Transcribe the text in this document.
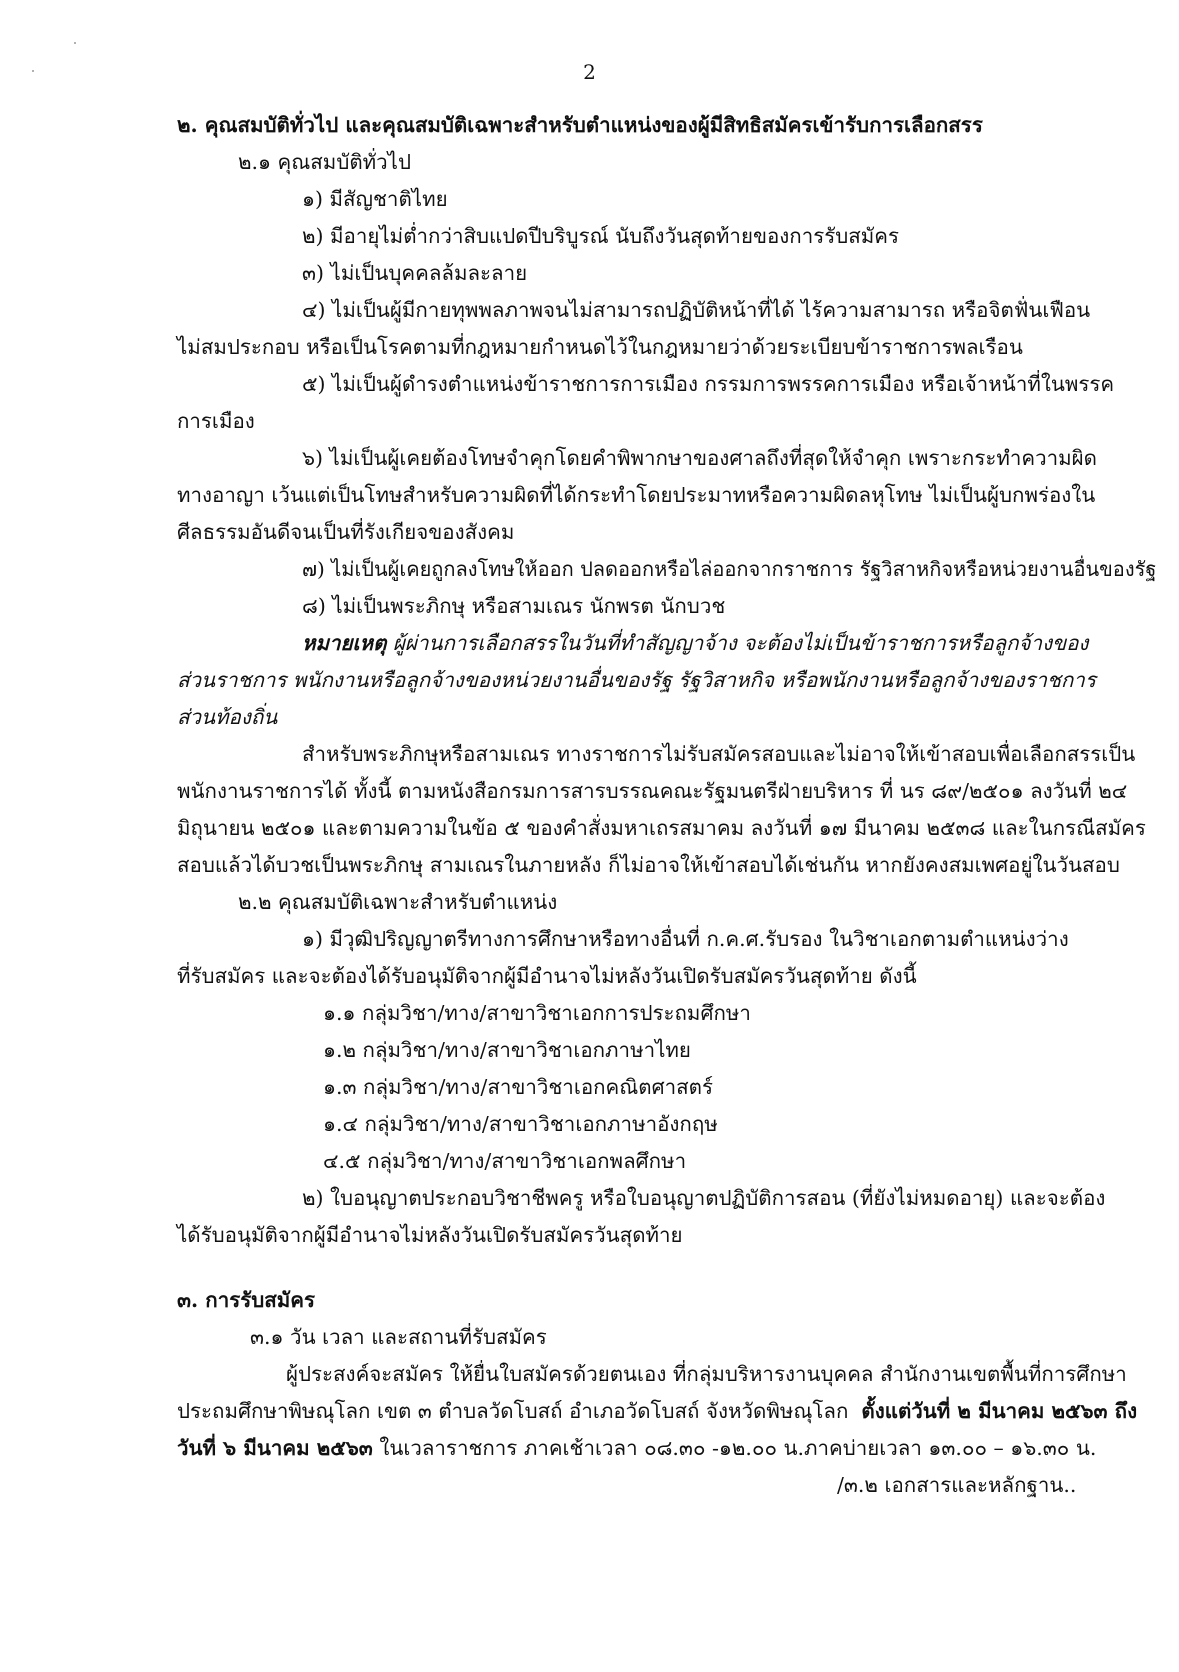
2
๒. คุณสมบัติทั่วไป และคุณสมบัติเฉพาะสำหรับตำแหน่งของผู้มีสิทธิสมัครเข้ารับการเลือกสรร
๒.๑ คุณสมบัติทั่วไป
๑) มีสัญชาติไทย
๒) มีอายุไม่ต่ำกว่าสิบแปดปีบริบูรณ์ นับถึงวันสุดท้ายของการรับสมัคร
๓) ไม่เป็นบุคคลล้มละลาย
๔) ไม่เป็นผู้มีกายทุพพลภาพจนไม่สามารถปฏิบัติหน้าที่ได้ ไร้ความสามารถ หรือจิตฟั่นเฟือน
ไม่สมประกอบ หรือเป็นโรคตามที่กฎหมายกำหนดไว้ในกฎหมายว่าด้วยระเบียบข้าราชการพลเรือน
๕) ไม่เป็นผู้ดำรงตำแหน่งข้าราชการการเมือง กรรมการพรรคการเมือง หรือเจ้าหน้าที่ในพรรค
การเมือง
๖) ไม่เป็นผู้เคยต้องโทษจำคุกโดยคำพิพากษาของศาลถึงที่สุดให้จำคุก เพราะกระทำความผิด
ทางอาญา เว้นแต่เป็นโทษสำหรับความผิดที่ได้กระทำโดยประมาทหรือความผิดลหุโทษ ไม่เป็นผู้บกพร่องใน
ศีลธรรมอันดีจนเป็นที่รังเกียจของสังคม
๗) ไม่เป็นผู้เคยถูกลงโทษให้ออก ปลดออกหรือไล่ออกจากราชการ รัฐวิสาหกิจหรือหน่วยงานอื่นของรัฐ
๘) ไม่เป็นพระภิกษุ หรือสามเณร นักพรต นักบวช
หมายเหตุ ผู้ผ่านการเลือกสรรในวันที่ทำสัญญาจ้าง จะต้องไม่เป็นข้าราชการหรือลูกจ้างของ
ส่วนราชการ พนักงานหรือลูกจ้างของหน่วยงานอื่นของรัฐ รัฐวิสาหกิจ หรือพนักงานหรือลูกจ้างของราชการ
ส่วนท้องถิ่น
สำหรับพระภิกษุหรือสามเณร ทางราชการไม่รับสมัครสอบและไม่อาจให้เข้าสอบเพื่อเลือกสรรเป็น
พนักงานราชการได้ ทั้งนี้ ตามหนังสือกรมการสารบรรณคณะรัฐมนตรีฝ่ายบริหาร ที่ นร ๘๙/๒๕๐๑ ลงวันที่ ๒๔
มิถุนายน ๒๕๐๑ และตามความในข้อ ๕ ของคำสั่งมหาเถรสมาคม ลงวันที่ ๑๗ มีนาคม ๒๕๓๘ และในกรณีสมัคร
สอบแล้วได้บวชเป็นพระภิกษุ สามเณรในภายหลัง ก็ไม่อาจให้เข้าสอบได้เช่นกัน หากยังคงสมเพศอยู่ในวันสอบ
๒.๒ คุณสมบัติเฉพาะสำหรับตำแหน่ง
๑) มีวุฒิปริญญาตรีทางการศึกษาหรือทางอื่นที่ ก.ค.ศ.รับรอง ในวิชาเอกตามตำแหน่งว่าง
ที่รับสมัคร และจะต้องได้รับอนุมัติจากผู้มีอำนาจไม่หลังวันเปิดรับสมัครวันสุดท้าย ดังนี้
๑.๑ กลุ่มวิชา/ทาง/สาขาวิชาเอกการประถมศึกษา
๑.๒ กลุ่มวิชา/ทาง/สาขาวิชาเอกภาษาไทย
๑.๓ กลุ่มวิชา/ทาง/สาขาวิชาเอกคณิตศาสตร์
๑.๔ กลุ่มวิชา/ทาง/สาขาวิชาเอกภาษาอังกฤษ
๔.๕ กลุ่มวิชา/ทาง/สาขาวิชาเอกพลศึกษา
๒) ใบอนุญาตประกอบวิชาชีพครู หรือใบอนุญาตปฏิบัติการสอน (ที่ยังไม่หมดอายุ) และจะต้อง
ได้รับอนุมัติจากผู้มีอำนาจไม่หลังวันเปิดรับสมัครวันสุดท้าย
๓. การรับสมัคร
๓.๑ วัน เวลา และสถานที่รับสมัคร
ผู้ประสงค์จะสมัคร ให้ยื่นใบสมัครด้วยตนเอง ที่กลุ่มบริหารงานบุคคล สำนักงานเขตพื้นที่การศึกษา
ประถมศึกษาพิษณุโลก เขต ๓ ตำบลวัดโบสถ์ อำเภอวัดโบสถ์ จังหวัดพิษณุโลก ตั้งแต่วันที่ ๒ มีนาคม ๒๕๖๓ ถึง
วันที่ ๖ มีนาคม ๒๕๖๓ ในเวลาราชการ ภาคเช้าเวลา ๐๘.๓๐ -๑๒.๐๐ น.ภาคบ่ายเวลา ๑๓.๐๐ – ๑๖.๓๐ น.
/๓.๒ เอกสารและหลักฐาน..
